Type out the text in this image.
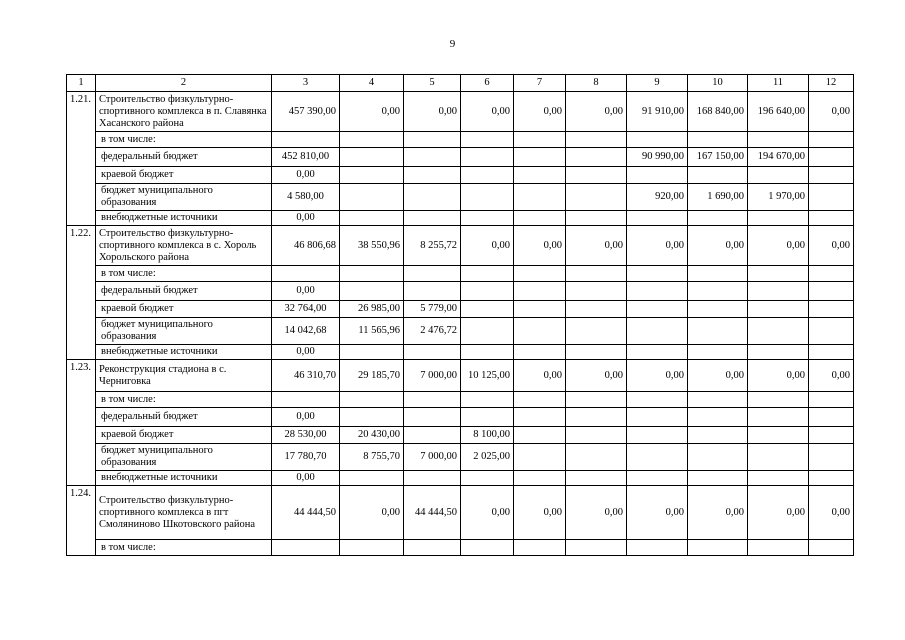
9
1	2	3	4	5	6	7	8	9	10	11	12
1.21.	Строительство физкультурно-спортивного комплекса в п. Славянка Хасанского района	457 390,00	0,00	0,00	0,00	0,00	0,00	91 910,00	168 840,00	196 640,00	0,00
	в том числе:										
	федеральный бюджет	452 810,00						90 990,00	167 150,00	194 670,00	
	краевой бюджет	0,00									
	бюджет муниципального образования	4 580,00						920,00	1 690,00	1 970,00	
	внебюджетные источники	0,00									
1.22.	Строительство физкультурно-спортивного комплекса в с. Хороль Хорольского района	46 806,68	38 550,96	8 255,72	0,00	0,00	0,00	0,00	0,00	0,00	0,00
	в том числе:										
	федеральный бюджет	0,00									
	краевой бюджет	32 764,00	26 985,00	5 779,00							
	бюджет муниципального образования	14 042,68	11 565,96	2 476,72							
	внебюджетные источники	0,00									
1.23.	Реконструкция стадиона в с. Черниговка	46 310,70	29 185,70	7 000,00	10 125,00	0,00	0,00	0,00	0,00	0,00	0,00
	в том числе:										
	федеральный бюджет	0,00									
	краевой бюджет	28 530,00	20 430,00		8 100,00						
	бюджет муниципального образования	17 780,70	8 755,70	7 000,00	2 025,00						
	внебюджетные источники	0,00									
1.24.	Строительство физкультурно-спортивного комплекса в пгт Смоляниново Шкотовского района	44 444,50	0,00	44 444,50	0,00	0,00	0,00	0,00	0,00	0,00	0,00
	в том числе:										
